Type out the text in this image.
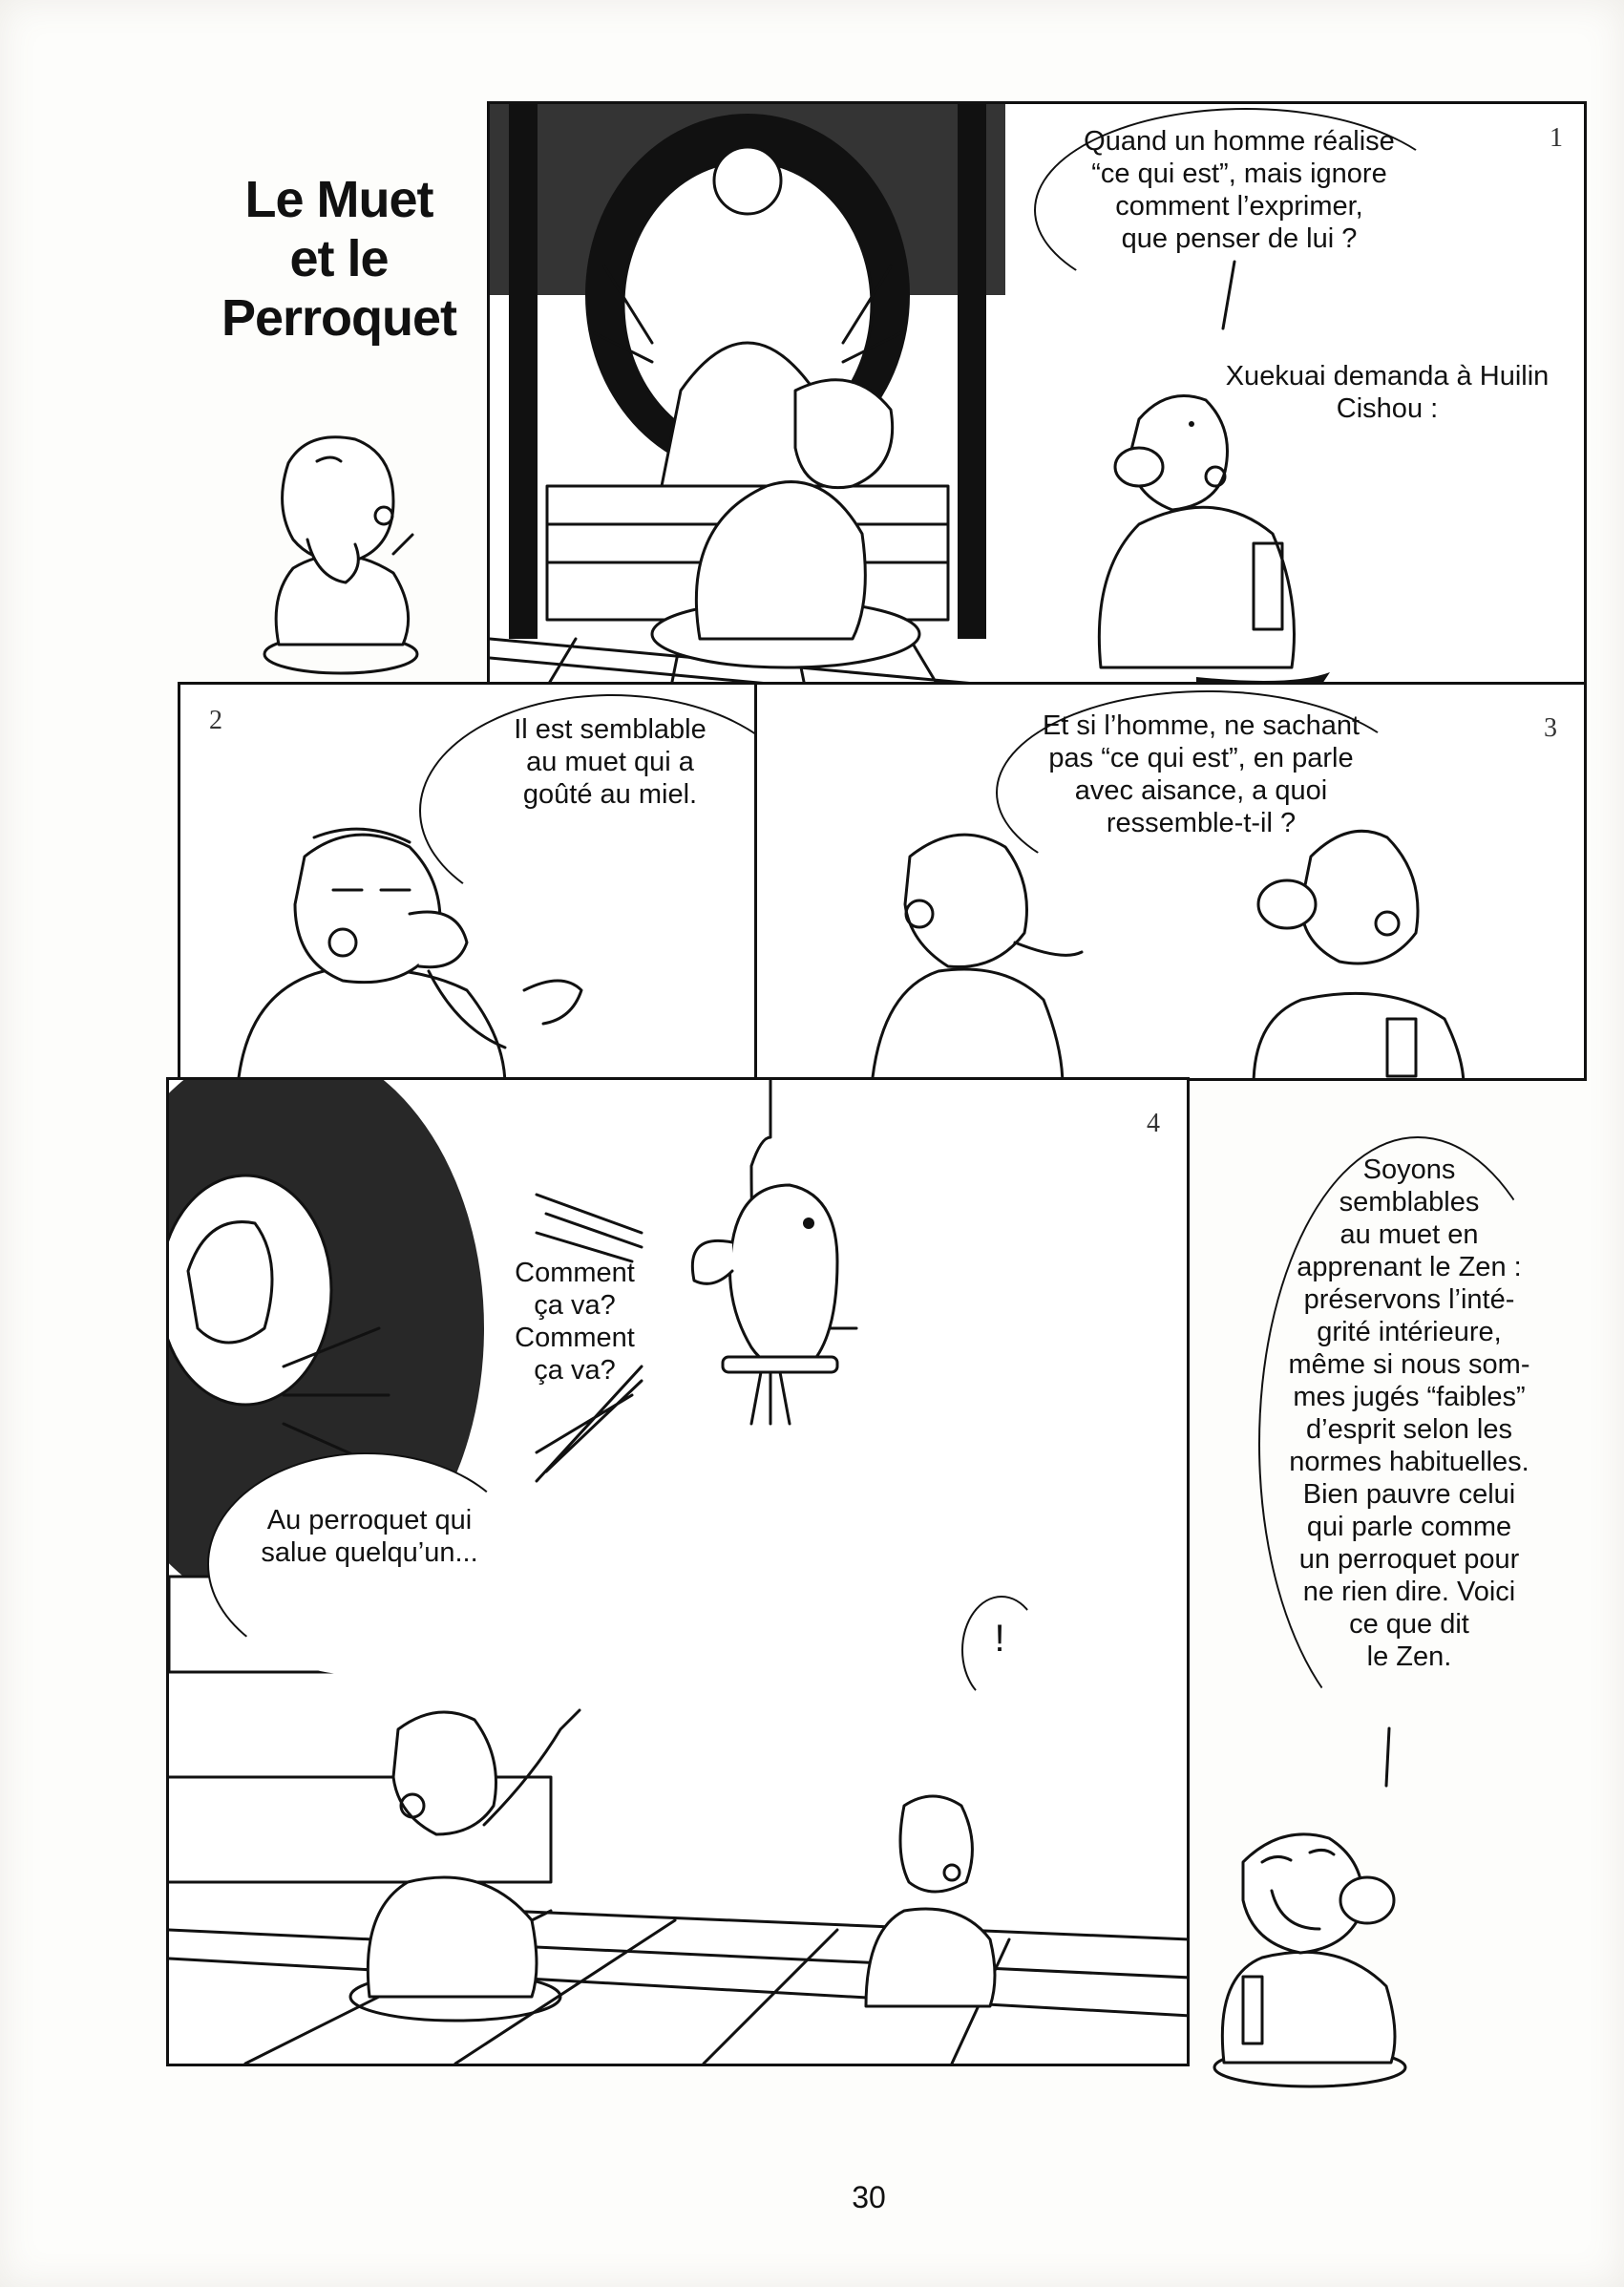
Le Muet
et le
Perroquet
1
Quand un homme réalise
“ce qui est”, mais ignore
comment l’exprimer,
que penser de lui ?
Xuekuai demanda à Huilin
Cishou :
2	Il est semblable
au muet qui a
goûté au miel.
3
Et si l’homme, ne sachant
pas “ce qui est”, en parle
avec aisance, a quoi
ressemble-t-il ?
4
Comment
ça va?
Comment
ça va?
Au perroquet qui
salue quelqu’un...
!
Soyons
semblables
au muet en
apprenant le Zen :
préservons l’inté-
grité intérieure,
même si nous som-
mes jugés “faibles”
d’esprit selon les
normes habituelles.
Bien pauvre celui
qui parle comme
un perroquet pour
ne rien dire. Voici
ce que dit
le Zen.
30
